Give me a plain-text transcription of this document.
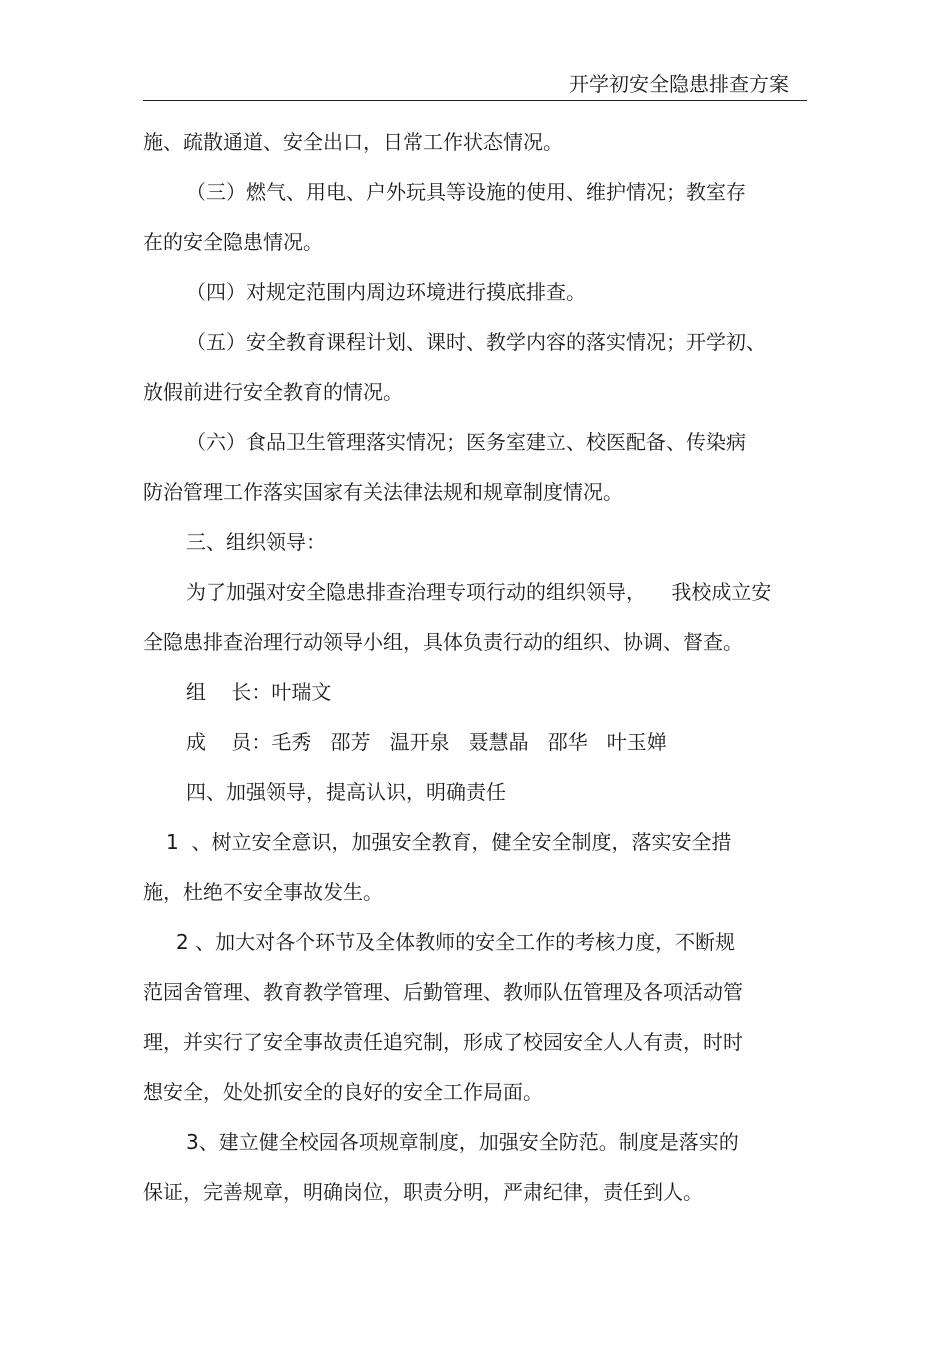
开学初安全隐患排查方案
施、疏散通道、安全出口，日常工作状态情况。
（三）燃气、用电、户外玩具等设施的使用、维护情况；教室存
在的安全隐患情况。
（四）对规定范围内周边环境进行摸底排查。
（五）安全教育课程计划、课时、教学内容的落实情况；开学初、
放假前进行安全教育的情况。
（六）食品卫生管理落实情况；医务室建立、校医配备、传染病
防治管理工作落实国家有关法律法规和规章制度情况。
三、组织领导：
为了加强对安全隐患排查治理专项行动的组织领导，    我校成立安
全隐患排查治理行动领导小组，具体负责行动的组织、协调、督查。
组    长：叶瑞文
成    员：毛秀   邵芳   温开泉   聂慧晶   邵华   叶玉婵
四、加强领导，提高认识，明确责任
1  、树立安全意识，加强安全教育，健全安全制度，落实安全措
施，杜绝不安全事故发生。
2 、加大对各个环节及全体教师的安全工作的考核力度，不断规
范园舍管理、教育教学管理、后勤管理、教师队伍管理及各项活动管
理，并实行了安全事故责任追究制，形成了校园安全人人有责，时时
想安全，处处抓安全的良好的安全工作局面。
3、建立健全校园各项规章制度，加强安全防范。制度是落实的
保证，完善规章，明确岗位，职责分明，严肃纪律，责任到人。
